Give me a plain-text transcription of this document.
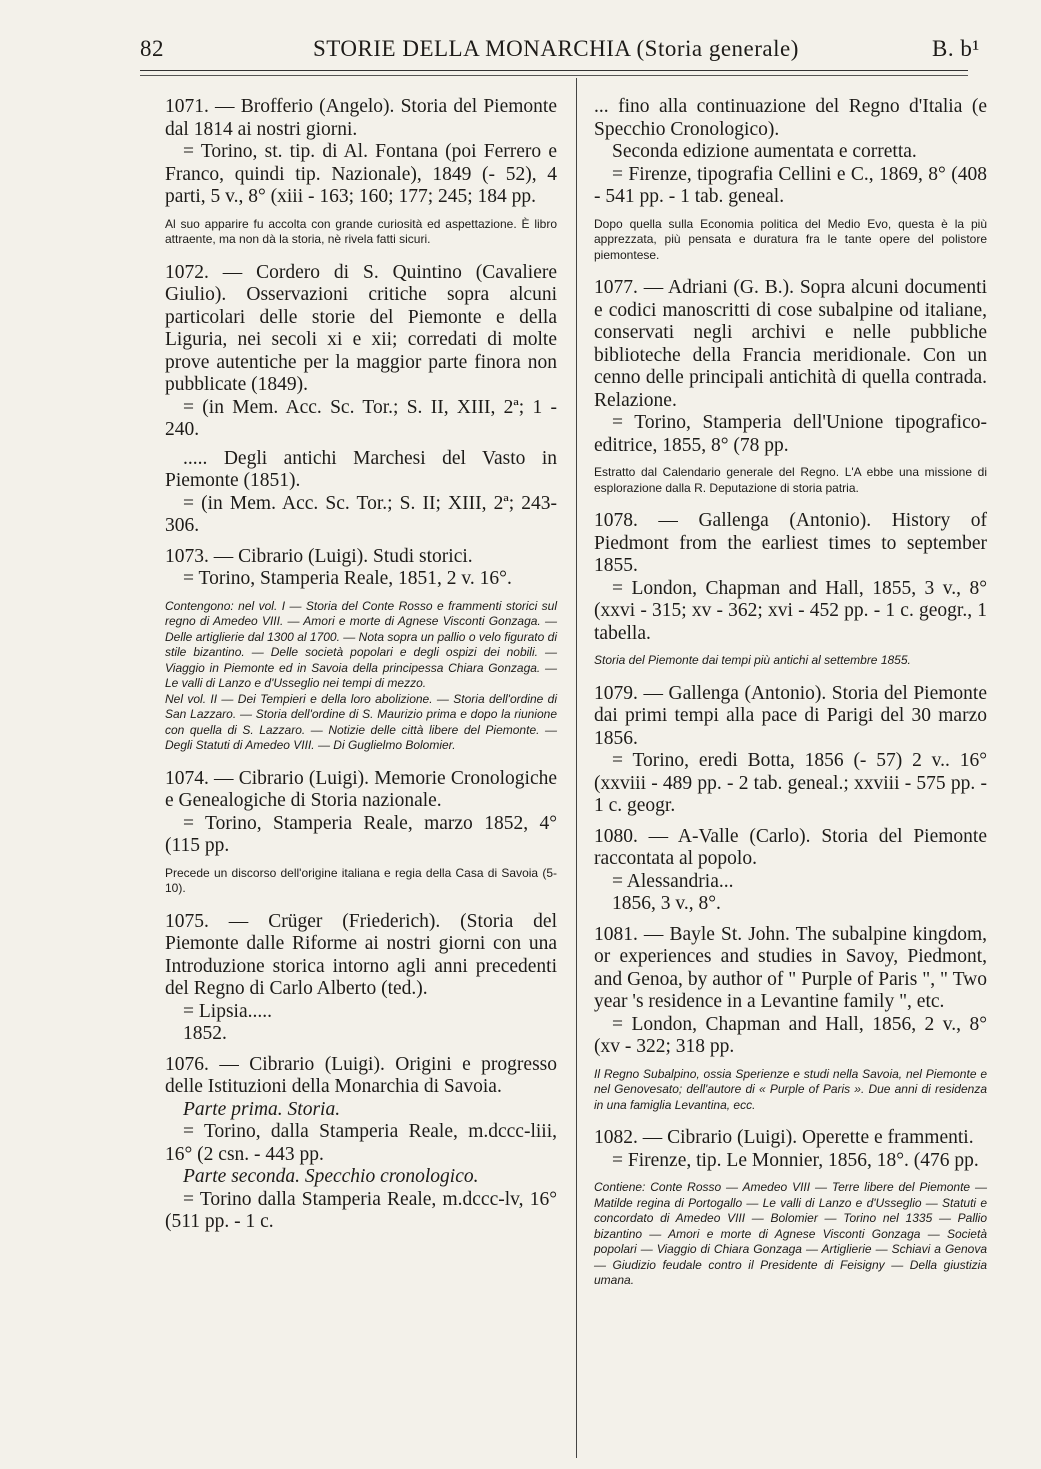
82	STORIE DELLA MONARCHIA (Storia generale)	B. b¹

1071. — Brofferio (Angelo). Storia del Piemonte dal 1814 ai nostri giorni.

= Torino, st. tip. di Al. Fontana (poi Ferrero e Franco, quindi tip. Nazionale), 1849 (- 52), 4 parti, 5 v., 8° (xiii - 163; 160; 177; 245; 184 pp.

Al suo apparire fu accolta con grande curiosità ed aspettazione. È libro attraente, ma non dà la storia, nè rivela fatti sicuri.

1072. — Cordero di S. Quintino (Cavaliere Giulio). Osservazioni critiche sopra alcuni particolari delle storie del Piemonte e della Liguria, nei secoli xi e xii; corredati di molte prove autentiche per la maggior parte finora non pubblicate (1849).

= (in Mem. Acc. Sc. Tor.; S. II, XIII, 2ª; 1 - 240.

..... Degli antichi Marchesi del Vasto in Piemonte (1851).

= (in Mem. Acc. Sc. Tor.; S. II; XIII, 2ª; 243-306.

1073. — Cibrario (Luigi). Studi storici.

= Torino, Stamperia Reale, 1851, 2 v. 16°.

Contengono: nel vol. I — Storia del Conte Rosso e frammenti storici sul regno di Amedeo VIII. — Amori e morte di Agnese Visconti Gonzaga. — Delle artiglierie dal 1300 al 1700. — Nota sopra un pallio o velo figurato di stile bizantino. — Delle società popolari e degli ospizi dei nobili. — Viaggio in Piemonte ed in Savoia della principessa Chiara Gonzaga. — Le valli di Lanzo e d'Usseglio nei tempi di mezzo.
Nel vol. II — Dei Tempieri e della loro abolizione. — Storia dell'ordine di San Lazzaro. — Storia dell'ordine di S. Maurizio prima e dopo la riunione con quella di S. Lazzaro. — Notizie delle città libere del Piemonte. — Degli Statuti di Amedeo VIII. — Di Guglielmo Bolomier.

1074. — Cibrario (Luigi). Memorie Cronologiche e Genealogiche di Storia nazionale.

= Torino, Stamperia Reale, marzo 1852, 4° (115 pp.

Precede un discorso dell'origine italiana e regia della Casa di Savoia (5-10).

1075. — Crüger (Friederich). (Storia del Piemonte dalle Riforme ai nostri giorni con una Introduzione storica intorno agli anni precedenti del Regno di Carlo Alberto (ted.).

= Lipsia.....

1852.

1076. — Cibrario (Luigi). Origini e progresso delle Istituzioni della Monarchia di Savoia.

Parte prima. Storia.

= Torino, dalla Stamperia Reale, m.dccc-liii, 16° (2 csn. - 443 pp.

Parte seconda. Specchio cronologico.

= Torino dalla Stamperia Reale, m.dccc-lv, 16° (511 pp. - 1 c.

... fino alla continuazione del Regno d'Italia (e Specchio Cronologico).

Seconda edizione aumentata e corretta.

= Firenze, tipografia Cellini e C., 1869, 8° (408 - 541 pp. - 1 tab. geneal.

Dopo quella sulla Economia politica del Medio Evo, questa è la più apprezzata, più pensata e duratura fra le tante opere del polistore piemontese.

1077. — Adriani (G. B.). Sopra alcuni documenti e codici manoscritti di cose subalpine od italiane, conservati negli archivi e nelle pubbliche biblioteche della Francia meridionale. Con un cenno delle principali antichità di quella contrada. Relazione.

= Torino, Stamperia dell'Unione tipografico-editrice, 1855, 8° (78 pp.

Estratto dal Calendario generale del Regno. L'A ebbe una missione di esplorazione dalla R. Deputazione di storia patria.

1078. — Gallenga (Antonio). History of Piedmont from the earliest times to september 1855.

= London, Chapman and Hall, 1855, 3 v., 8° (xxvi - 315; xv - 362; xvi - 452 pp. - 1 c. geogr., 1 tabella.

Storia del Piemonte dai tempi più antichi al settembre 1855.

1079. — Gallenga (Antonio). Storia del Piemonte dai primi tempi alla pace di Parigi del 30 marzo 1856.

= Torino, eredi Botta, 1856 (- 57) 2 v.. 16° (xxviii - 489 pp. - 2 tab. geneal.; xxviii - 575 pp. - 1 c. geogr.

1080. — A-Valle (Carlo). Storia del Piemonte raccontata al popolo.

= Alessandria...

1856, 3 v., 8°.

1081. — Bayle St. John. The subalpine kingdom, or experiences and studies in Savoy, Piedmont, and Genoa, by author of " Purple of Paris ", " Two year 's residence in a Levantine family ", etc.

= London, Chapman and Hall, 1856, 2 v., 8° (xv - 322; 318 pp.

Il Regno Subalpino, ossia Sperienze e studi nella Savoia, nel Piemonte e nel Genovesato; dell'autore di « Purple of Paris ». Due anni di residenza in una famiglia Levantina, ecc.

1082. — Cibrario (Luigi). Operette e frammenti.

= Firenze, tip. Le Monnier, 1856, 18°. (476 pp.

Contiene: Conte Rosso — Amedeo VIII — Terre libere del Piemonte — Matilde regina di Portogallo — Le valli di Lanzo e d'Usseglio — Statuti e concordato di Amedeo VIII — Bolomier — Torino nel 1335 — Pallio bizantino — Amori e morte di Agnese Visconti Gonzaga — Società popolari — Viaggio di Chiara Gonzaga — Artiglierie — Schiavi a Genova — Giudizio feudale contro il Presidente di Feisigny — Della giustizia umana.
